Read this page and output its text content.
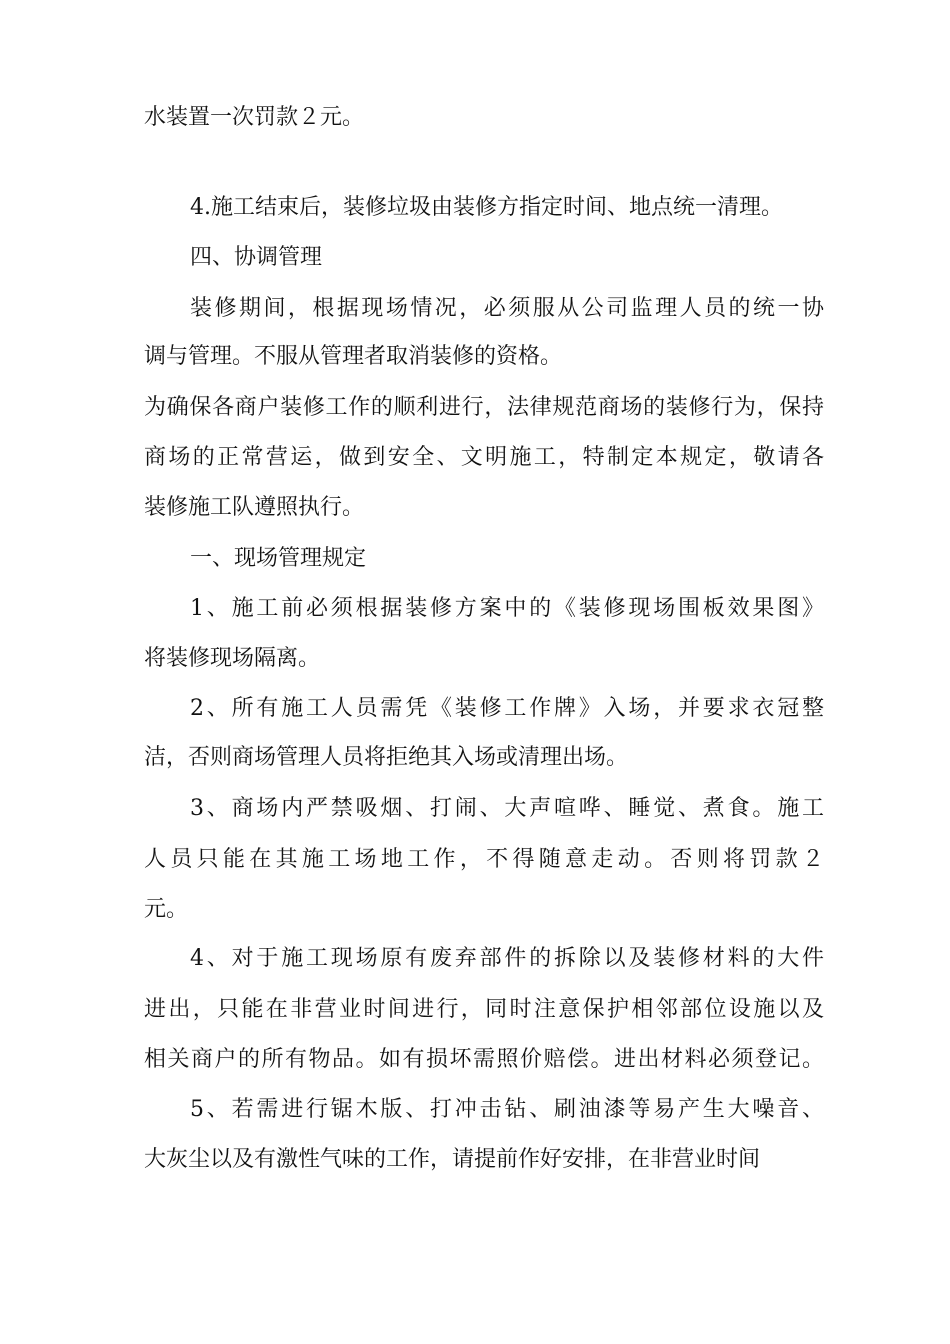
水装置一次罚款２元。
4.施工结束后，装修垃圾由装修方指定时间、地点统一清理。
四、协调管理
装修期间，根据现场情况，必须服从公司监理人员的统一协
调与管理。不服从管理者取消装修的资格。
为确保各商户装修工作的顺利进行，法律规范商场的装修行为，保持
商场的正常营运，做到安全、文明施工，特制定本规定，敬请各
装修施工队遵照执行。
一、现场管理规定
1、施工前必须根据装修方案中的《装修现场围板效果图》
将装修现场隔离。
2、所有施工人员需凭《装修工作牌》入场，并要求衣冠整
洁，否则商场管理人员将拒绝其入场或清理出场。
3、商场内严禁吸烟、打闹、大声喧哗、睡觉、煮食。施工
人员只能在其施工场地工作，不得随意走动。否则将罚款２
元。
4、对于施工现场原有废弃部件的拆除以及装修材料的大件
进出，只能在非营业时间进行，同时注意保护相邻部位设施以及
相关商户的所有物品。如有损坏需照价赔偿。进出材料必须登记。
5、若需进行锯木版、打冲击钻、刷油漆等易产生大噪音、
大灰尘以及有激性气味的工作，请提前作好安排，在非营业时间
